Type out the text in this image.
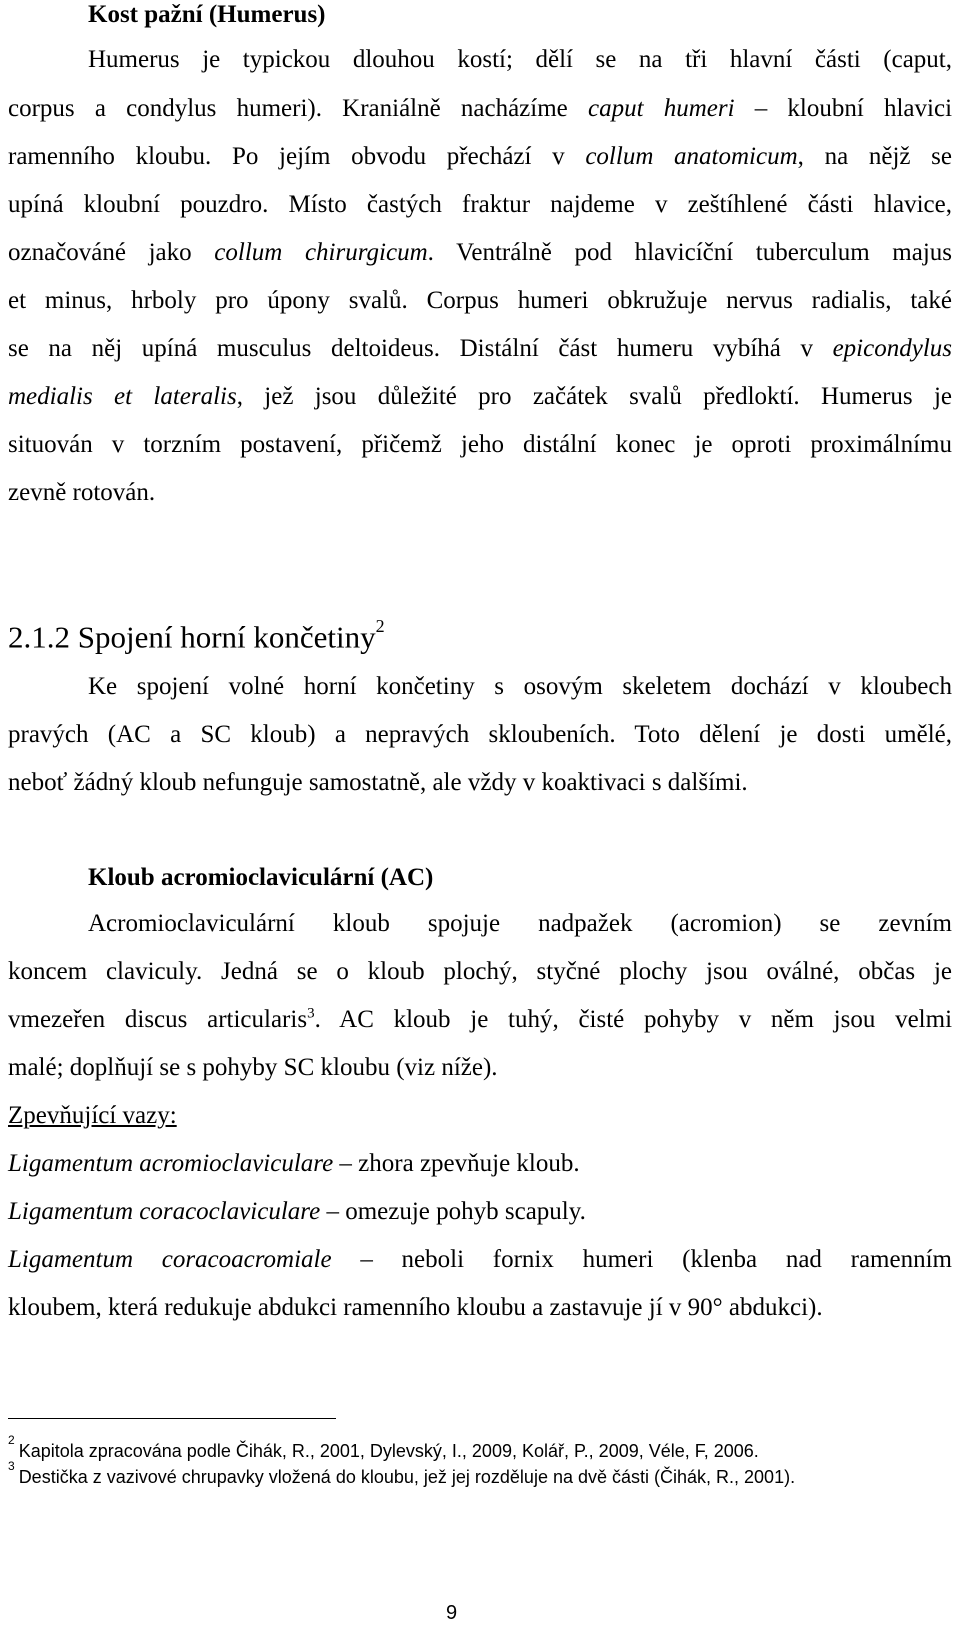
Kost pažní (Humerus)
Humerus je typickou dlouhou kostí; dělí se na tři hlavní části (caput,
corpus a condylus humeri). Kraniálně nacházíme caput humeri – kloubní hlavici
ramenního kloubu. Po jejím obvodu přechází v collum anatomicum, na nějž se
upíná kloubní pouzdro. Místo častých fraktur najdeme v zeštíhlené části hlavice,
označováné jako collum chirurgicum. Ventrálně pod hlavicíční tuberculum majus
et minus, hrboly pro úpony svalů. Corpus humeri obkružuje nervus radialis, také
se na něj upíná musculus deltoideus. Distální část humeru vybíhá v epicondylus
medialis et lateralis, jež jsou důležité pro začátek svalů předloktí. Humerus je
situován v torzním postavení, přičemž jeho distální konec je oproti proximálnímu
zevně rotován.
2.1.2 Spojení horní končetiny$^2$
Ke spojení volné horní končetiny s osovým skeletem dochází v kloubech
pravých (AC a SC kloub) a nepravých skloubeních. Toto dělení je dosti umělé,
neboť žádný kloub nefunguje samostatně, ale vždy v koaktivaci s dalšími.
Kloub acromioclaviculární (AC)
Acromioclaviculární kloub spojuje nadpažek (acromion) se zevním
koncem claviculy. Jedná se o kloub plochý, styčné plochy jsou oválné, občas je
vmezeřen discus articularis$^3$. AC kloub je tuhý, čisté pohyby v něm jsou velmi
malé; doplňují se s pohyby SC kloubu (viz níže).
Zpevňující vazy:
Ligamentum acromioclaviculare – zhora zpevňuje kloub.
Ligamentum coracoclaviculare – omezuje pohyb scapuly.
Ligamentum coracoacromiale – neboli fornix humeri (klenba nad ramenním
kloubem, která redukuje abdukci ramenního kloubu a zastavuje jí v 90° abdukci).
$^2$Kapitola zpracována podle Čihák, R., 2001, Dylevský, I., 2009, Kolář, P., 2009, Véle, F, 2006.
$^3$Destička z vazivové chrupavky vložená do kloubu, jež jej rozděluje na dvě části (Čihák, R., 2001).
9
